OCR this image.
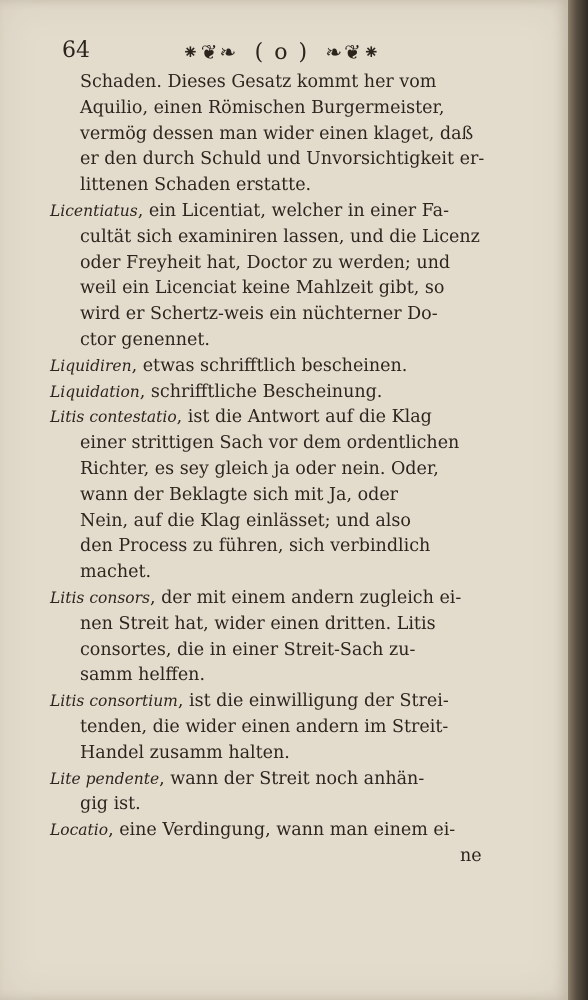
64	⁕❦❧ ( o ) ❧❦⁕
Schaden. Dieses Gesatz kommt her vom
Aquilio, einen Römischen Burgermeister,
vermög dessen man wider einen klaget, daß
er den durch Schuld und Unvorsichtigkeit er-
littenen Schaden erstatte.
Licentiatus, ein Licentiat, welcher in einer Fa-
cultät sich examiniren lassen, und die Licenz
oder Freyheit hat, Doctor zu werden; und
weil ein Licenciat keine Mahlzeit gibt, so
wird er Schertz-weis ein nüchterner Do-
ctor genennet.
Liquidiren, etwas schrifftlich bescheinen.
Liquidation, schrifftliche Bescheinung.
Litis contestatio, ist die Antwort auf die Klag
einer strittigen Sach vor dem ordentlichen
Richter, es sey gleich ja oder nein. Oder,
wann der Beklagte sich mit Ja, oder
Nein, auf die Klag einlässet; und also
den Process zu führen, sich verbindlich
machet.
Litis consors, der mit einem andern zugleich ei-
nen Streit hat, wider einen dritten. Litis
consortes, die in einer Streit-Sach zu-
samm helffen.
Litis consortium, ist die einwilligung der Strei-
tenden, die wider einen andern im Streit-
Handel zusamm halten.
Lite pendente, wann der Streit noch anhän-
gig ist.
Locatio, eine Verdingung, wann man einem ei-
ne
